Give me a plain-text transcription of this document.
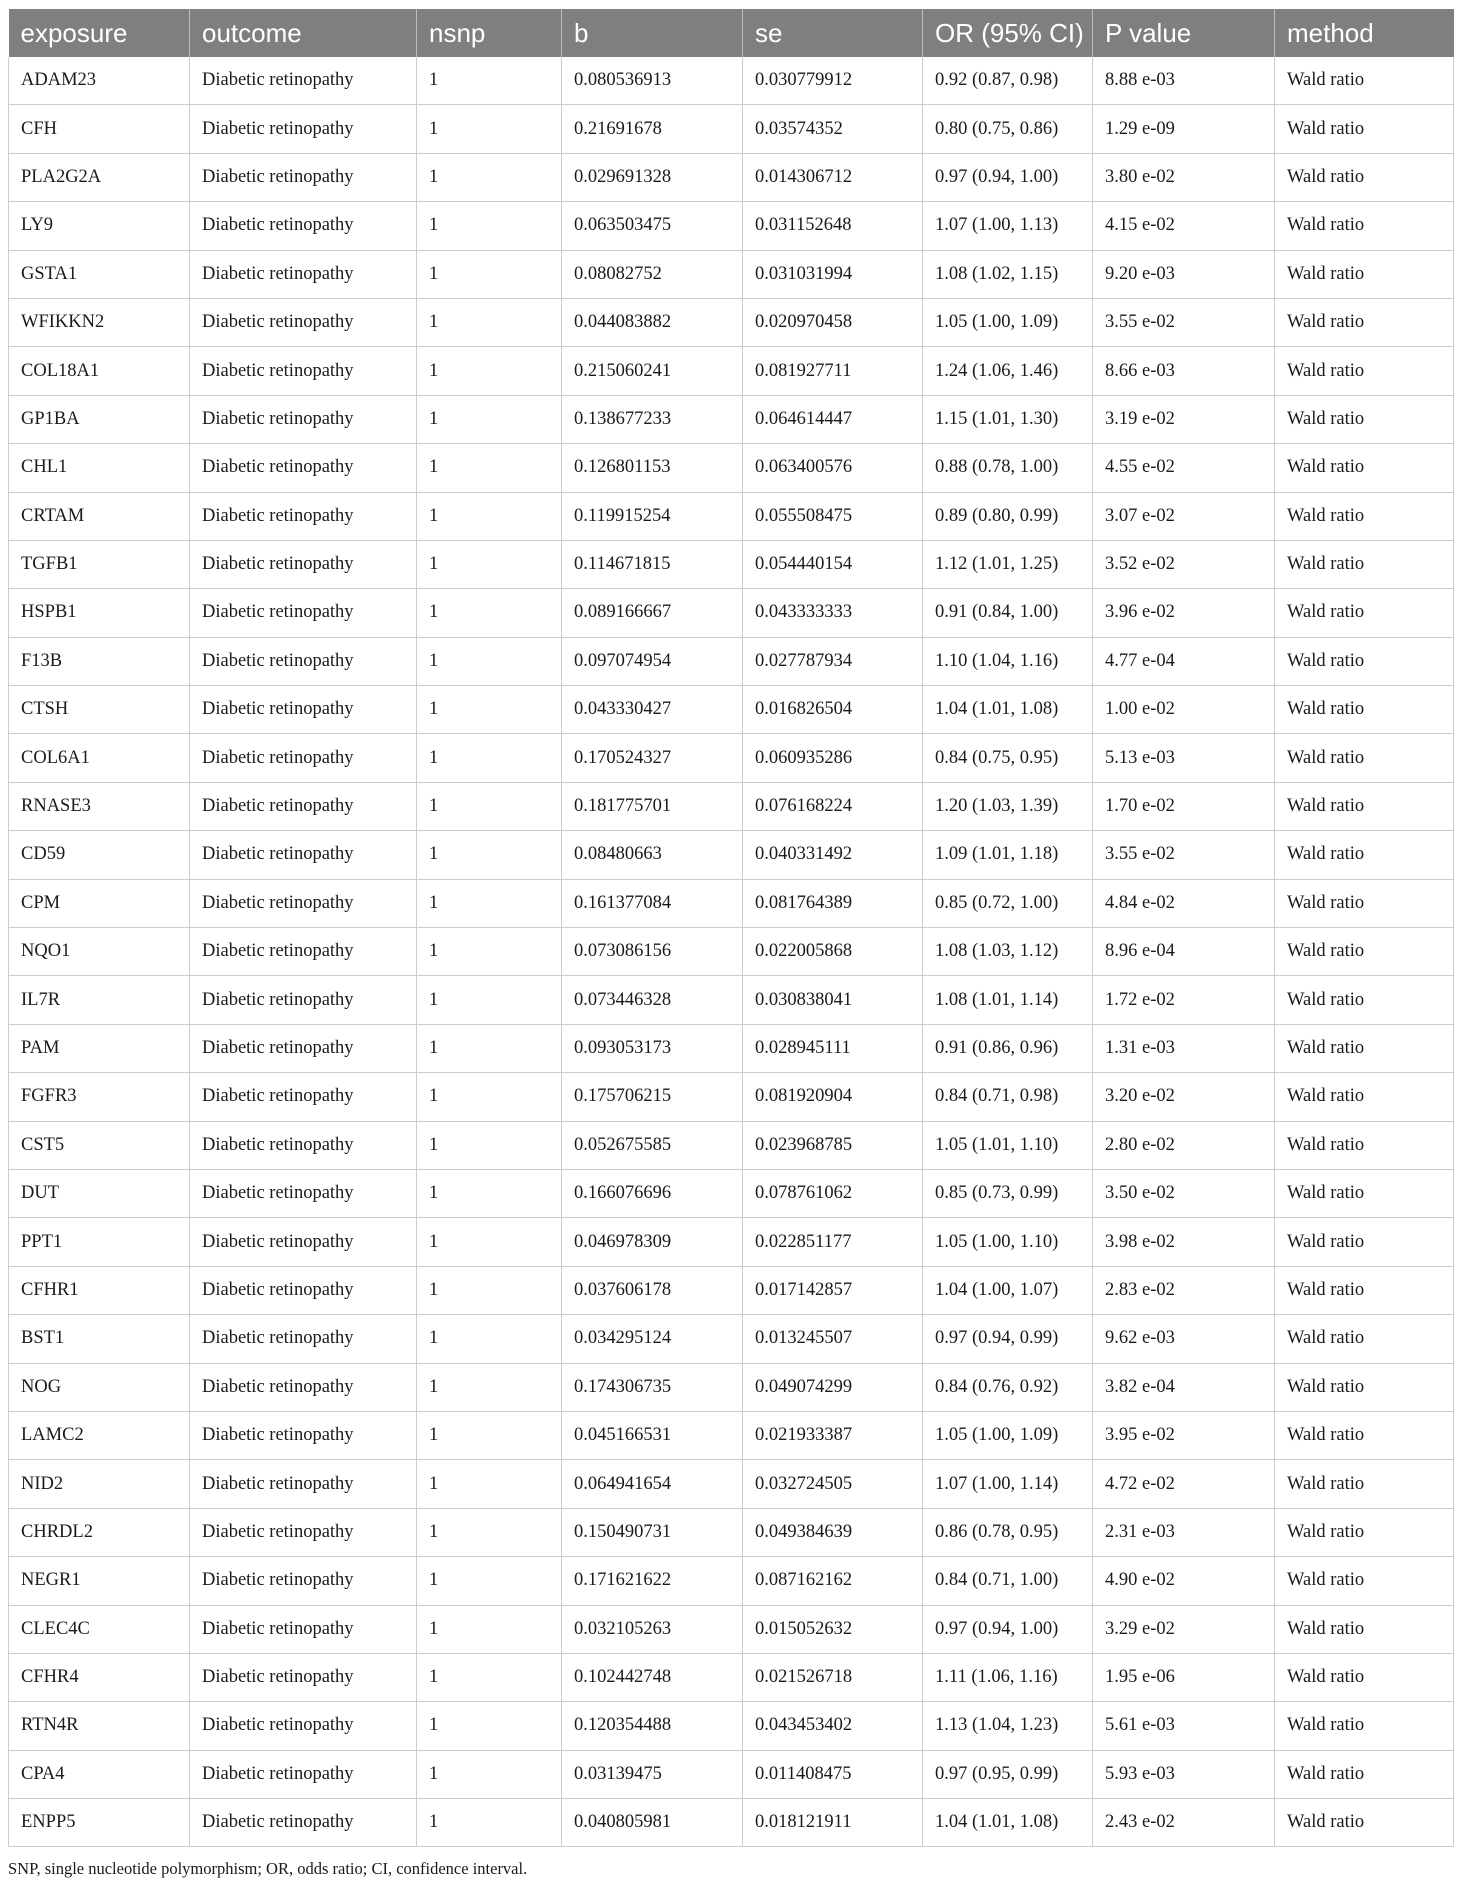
exposure	outcome	nsnp	b	se	OR (95% CI)	P value	method
ADAM23	Diabetic retinopathy	1	0.080536913	0.030779912	0.92 (0.87, 0.98)	8.88 e-03	Wald ratio
CFH	Diabetic retinopathy	1	0.21691678	0.03574352	0.80 (0.75, 0.86)	1.29 e-09	Wald ratio
PLA2G2A	Diabetic retinopathy	1	0.029691328	0.014306712	0.97 (0.94, 1.00)	3.80 e-02	Wald ratio
LY9	Diabetic retinopathy	1	0.063503475	0.031152648	1.07 (1.00, 1.13)	4.15 e-02	Wald ratio
GSTA1	Diabetic retinopathy	1	0.08082752	0.031031994	1.08 (1.02, 1.15)	9.20 e-03	Wald ratio
WFIKKN2	Diabetic retinopathy	1	0.044083882	0.020970458	1.05 (1.00, 1.09)	3.55 e-02	Wald ratio
COL18A1	Diabetic retinopathy	1	0.215060241	0.081927711	1.24 (1.06, 1.46)	8.66 e-03	Wald ratio
GP1BA	Diabetic retinopathy	1	0.138677233	0.064614447	1.15 (1.01, 1.30)	3.19 e-02	Wald ratio
CHL1	Diabetic retinopathy	1	0.126801153	0.063400576	0.88 (0.78, 1.00)	4.55 e-02	Wald ratio
CRTAM	Diabetic retinopathy	1	0.119915254	0.055508475	0.89 (0.80, 0.99)	3.07 e-02	Wald ratio
TGFB1	Diabetic retinopathy	1	0.114671815	0.054440154	1.12 (1.01, 1.25)	3.52 e-02	Wald ratio
HSPB1	Diabetic retinopathy	1	0.089166667	0.043333333	0.91 (0.84, 1.00)	3.96 e-02	Wald ratio
F13B	Diabetic retinopathy	1	0.097074954	0.027787934	1.10 (1.04, 1.16)	4.77 e-04	Wald ratio
CTSH	Diabetic retinopathy	1	0.043330427	0.016826504	1.04 (1.01, 1.08)	1.00 e-02	Wald ratio
COL6A1	Diabetic retinopathy	1	0.170524327	0.060935286	0.84 (0.75, 0.95)	5.13 e-03	Wald ratio
RNASE3	Diabetic retinopathy	1	0.181775701	0.076168224	1.20 (1.03, 1.39)	1.70 e-02	Wald ratio
CD59	Diabetic retinopathy	1	0.08480663	0.040331492	1.09 (1.01, 1.18)	3.55 e-02	Wald ratio
CPM	Diabetic retinopathy	1	0.161377084	0.081764389	0.85 (0.72, 1.00)	4.84 e-02	Wald ratio
NQO1	Diabetic retinopathy	1	0.073086156	0.022005868	1.08 (1.03, 1.12)	8.96 e-04	Wald ratio
IL7R	Diabetic retinopathy	1	0.073446328	0.030838041	1.08 (1.01, 1.14)	1.72 e-02	Wald ratio
PAM	Diabetic retinopathy	1	0.093053173	0.028945111	0.91 (0.86, 0.96)	1.31 e-03	Wald ratio
FGFR3	Diabetic retinopathy	1	0.175706215	0.081920904	0.84 (0.71, 0.98)	3.20 e-02	Wald ratio
CST5	Diabetic retinopathy	1	0.052675585	0.023968785	1.05 (1.01, 1.10)	2.80 e-02	Wald ratio
DUT	Diabetic retinopathy	1	0.166076696	0.078761062	0.85 (0.73, 0.99)	3.50 e-02	Wald ratio
PPT1	Diabetic retinopathy	1	0.046978309	0.022851177	1.05 (1.00, 1.10)	3.98 e-02	Wald ratio
CFHR1	Diabetic retinopathy	1	0.037606178	0.017142857	1.04 (1.00, 1.07)	2.83 e-02	Wald ratio
BST1	Diabetic retinopathy	1	0.034295124	0.013245507	0.97 (0.94, 0.99)	9.62 e-03	Wald ratio
NOG	Diabetic retinopathy	1	0.174306735	0.049074299	0.84 (0.76, 0.92)	3.82 e-04	Wald ratio
LAMC2	Diabetic retinopathy	1	0.045166531	0.021933387	1.05 (1.00, 1.09)	3.95 e-02	Wald ratio
NID2	Diabetic retinopathy	1	0.064941654	0.032724505	1.07 (1.00, 1.14)	4.72 e-02	Wald ratio
CHRDL2	Diabetic retinopathy	1	0.150490731	0.049384639	0.86 (0.78, 0.95)	2.31 e-03	Wald ratio
NEGR1	Diabetic retinopathy	1	0.171621622	0.087162162	0.84 (0.71, 1.00)	4.90 e-02	Wald ratio
CLEC4C	Diabetic retinopathy	1	0.032105263	0.015052632	0.97 (0.94, 1.00)	3.29 e-02	Wald ratio
CFHR4	Diabetic retinopathy	1	0.102442748	0.021526718	1.11 (1.06, 1.16)	1.95 e-06	Wald ratio
RTN4R	Diabetic retinopathy	1	0.120354488	0.043453402	1.13 (1.04, 1.23)	5.61 e-03	Wald ratio
CPA4	Diabetic retinopathy	1	0.03139475	0.011408475	0.97 (0.95, 0.99)	5.93 e-03	Wald ratio
ENPP5	Diabetic retinopathy	1	0.040805981	0.018121911	1.04 (1.01, 1.08)	2.43 e-02	Wald ratio
SNP, single nucleotide polymorphism; OR, odds ratio; CI, confidence interval.
